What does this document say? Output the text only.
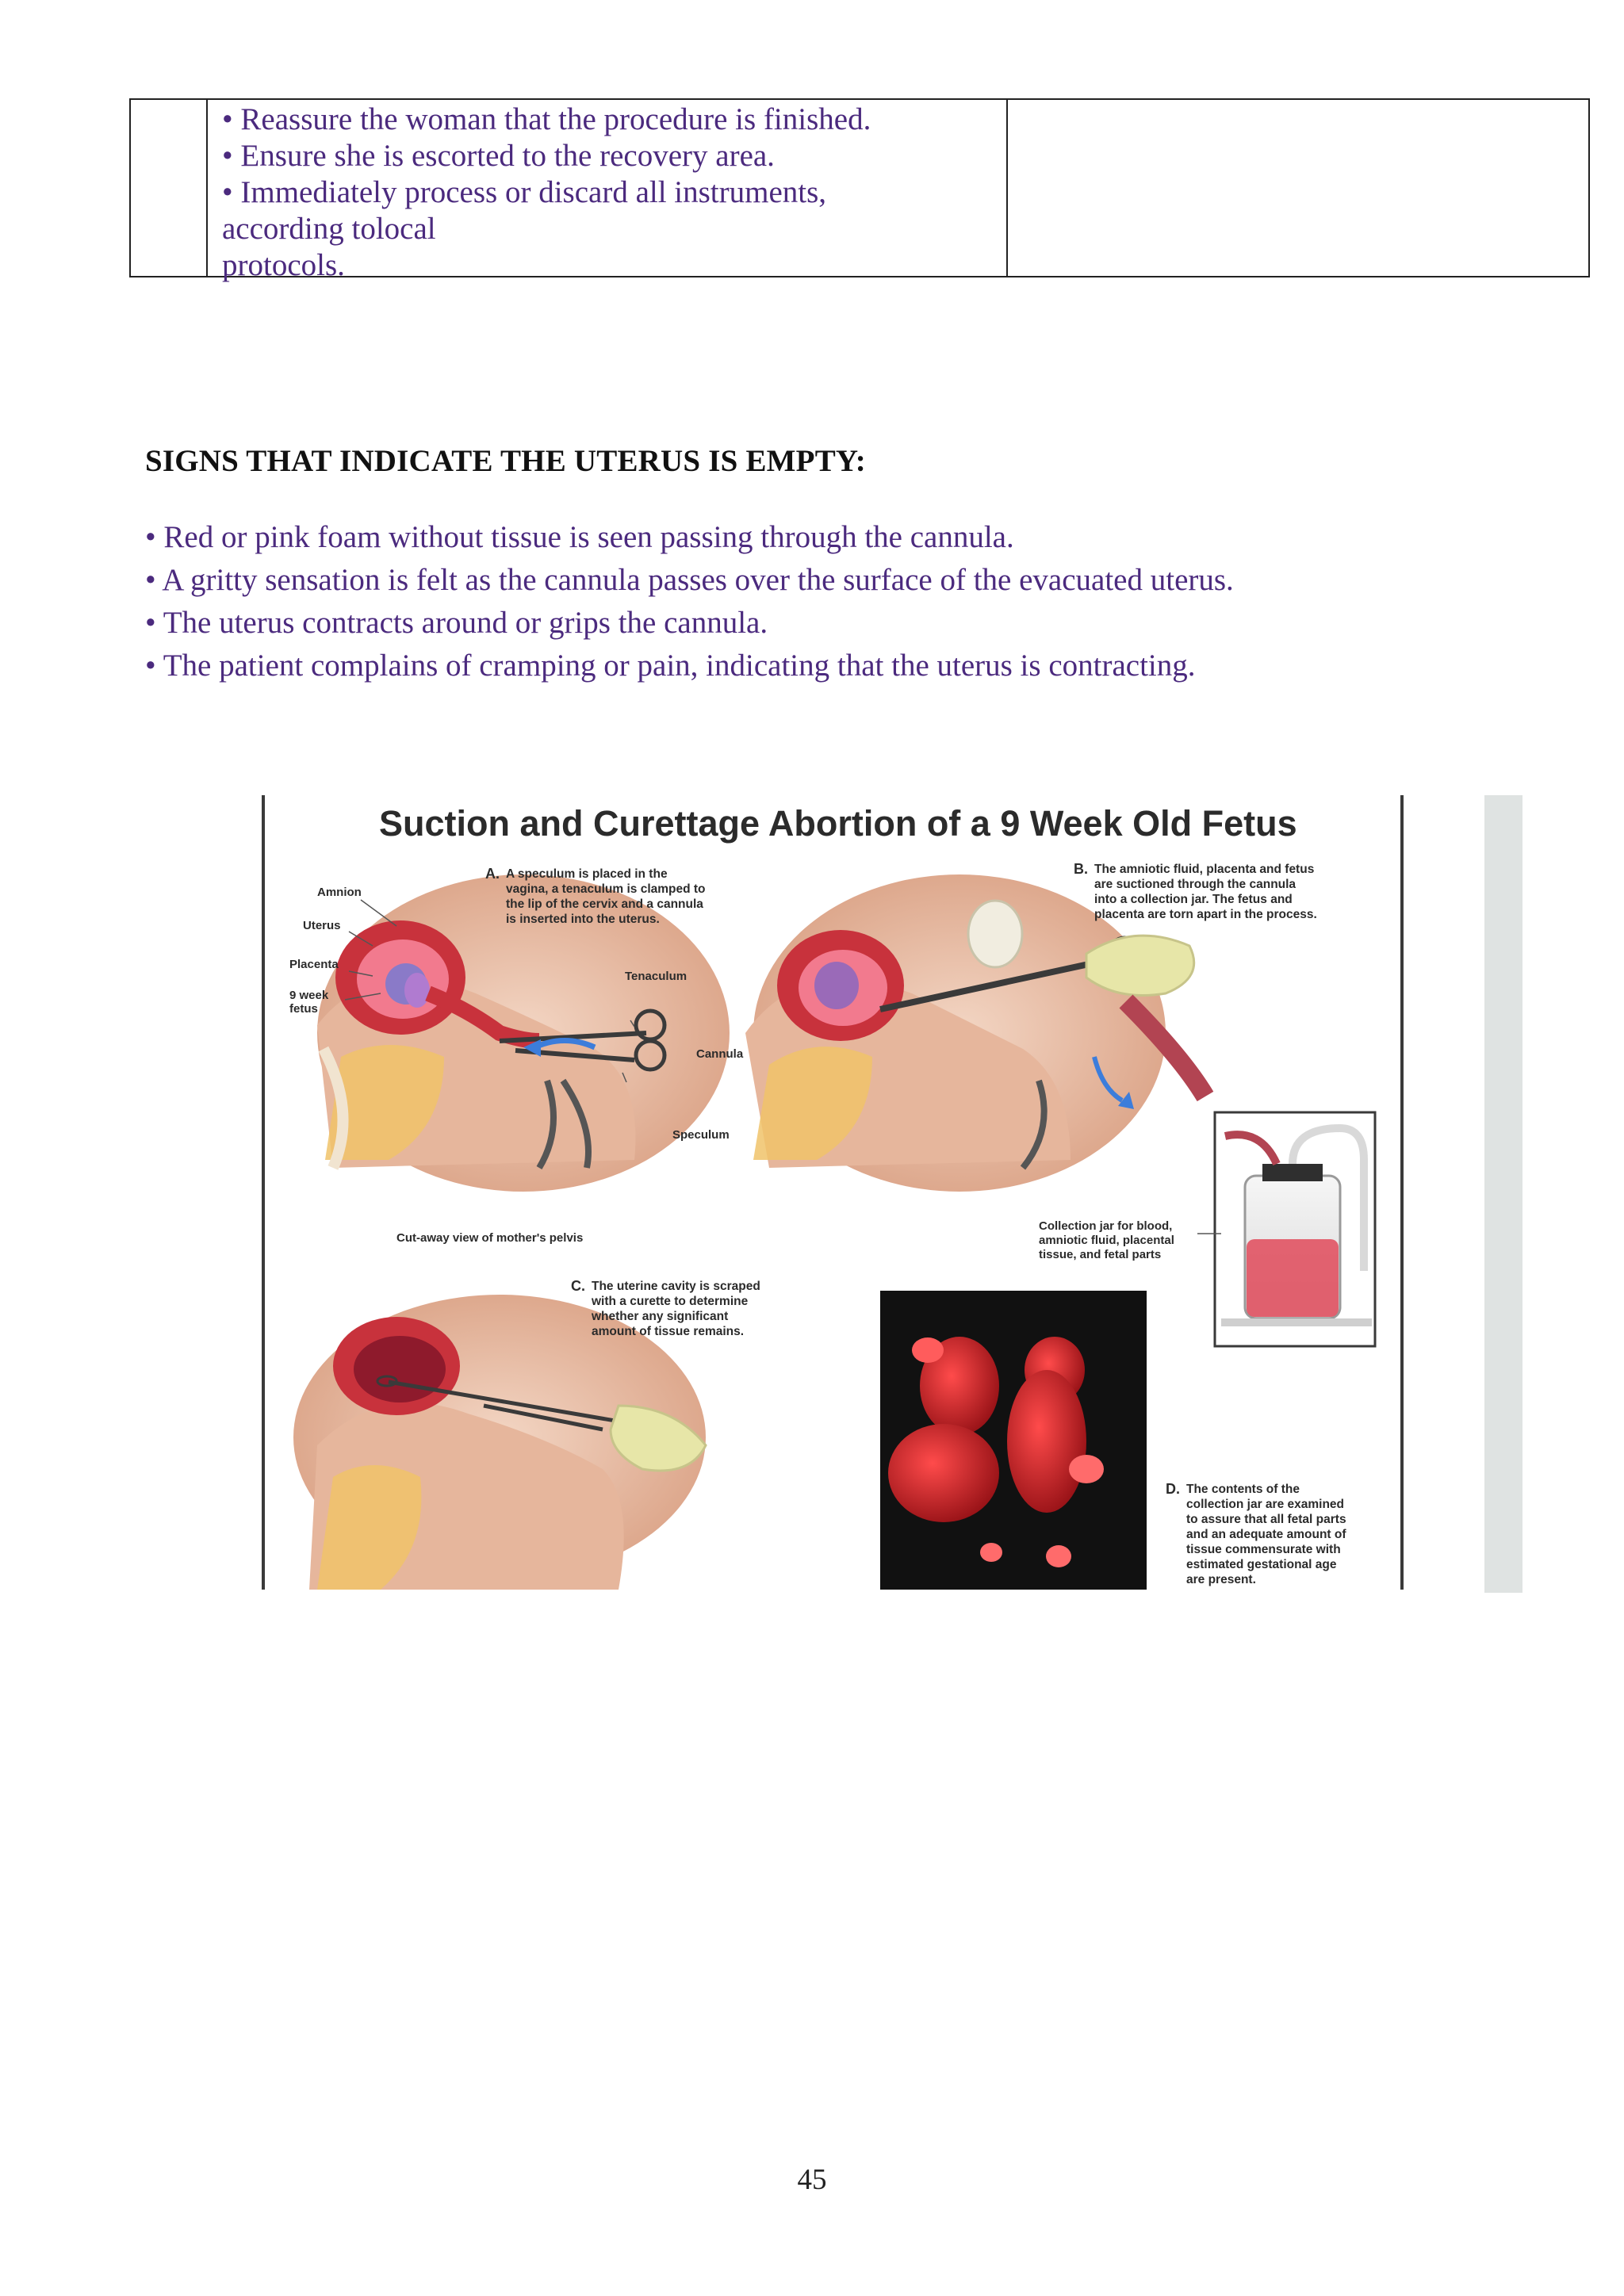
• Reassure the woman that the procedure is finished.
• Ensure she is escorted to the recovery area.
• Immediately process or discard all instruments,
according tolocal
protocols.
SIGNS THAT INDICATE THE UTERUS IS EMPTY:
• Red or pink foam without tissue is seen passing through the cannula.
• A gritty sensation is felt as the cannula passes over the surface of the evacuated uterus.
• The uterus contracts around or grips the cannula.
• The patient complains of cramping or pain, indicating that the uterus is contracting.
Suction and Curettage Abortion of a 9 Week Old Fetus
Amnion
Uterus
Placenta
9 week
fetus
Tenaculum
Cannula
Speculum
Cut-away view of mother's pelvis
Collection jar for blood,
amniotic fluid, placental
tissue, and fetal parts
A. A speculum is placed in the
vagina, a tenaculum is clamped to
the lip of the cervix and a cannula
is inserted into the uterus.
B. The amniotic fluid, placenta and fetus
are suctioned through the cannula
into a collection jar. The fetus and
placenta are torn apart in the process.
C. The uterine cavity is scraped
with a curette to determine
whether any significant
amount of tissue remains.
D. The contents of the
collection jar are examined
to assure that all fetal parts
and an adequate amount of
tissue commensurate with
estimated gestational age
are present.
45
